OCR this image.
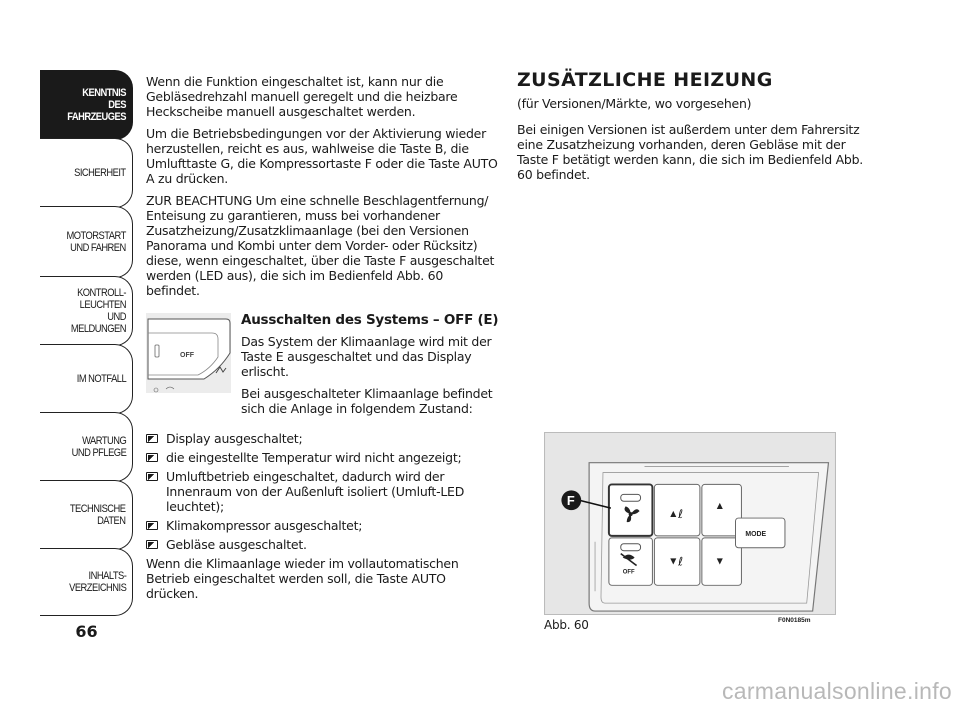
KENNTNIS
DES FAHRZEUGES
SICHERHEIT
MOTORSTART
UND FAHREN
KONTROLL-
LEUCHTEN
UND MELDUNGEN
IM NOTFALL
WARTUNG
UND PFLEGE
TECHNISCHE
DATEN
INHALTS-
VERZEICHNIS
66

Wenn die Funktion eingeschaltet ist, kann nur die Gebläsedrehzahl manuell geregelt und die heizbare Heckscheibe manuell ausgeschaltet werden.

Um die Betriebsbedingungen vor der Aktivierung wieder herzustellen, reicht es aus, wahlweise die Taste B, die Umlufttaste G, die Kompressortaste F oder die Taste AUTO A zu drücken.

ZUR BEACHTUNG Um eine schnelle Beschlagentfernung/ Enteisung zu garantieren, muss bei vorhandener Zusatzheizung/Zusatzklimaanlage (bei den Versionen Panorama und Kombi unter dem Vorder- oder Rücksitz) diese, wenn eingeschaltet, über die Taste F ausgeschaltet werden (LED aus), die sich im Bedienfeld Abb. 60 befindet.

OFF
Ausschalten des Systems – OFF (E)

Das System der Klimaanlage wird mit der Taste E ausgeschaltet und das Display erlischt.

Bei ausgeschalteter Klimaanlage befindet sich die Anlage in folgendem Zustand:

Display ausgeschaltet;
die eingestellte Temperatur wird nicht angezeigt;
Umluftbetrieb eingeschaltet, dadurch wird der Innenraum von der Außenluft isoliert (Umluft-LED leuchtet);
Klimakompressor ausgeschaltet;
Gebläse ausgeschaltet.

Wenn die Klimaanlage wieder im vollautomatischen Betrieb eingeschaltet werden soll, die Taste AUTO drücken.

ZUSÄTZLICHE HEIZUNG

(für Versionen/Märkte, wo vorgesehen)

Bei einigen Versionen ist außerdem unter dem Fahrersitz eine Zusatzheizung vorhanden, deren Gebläse mit der Taste F betätigt werden kann, die sich im Bedienfeld Abb. 60 befindet.

OFF
▲ ℓ
▲
▼ ℓ	▼
MODE
F
Abb. 60	F0N0185m
carmanualsonline.info
